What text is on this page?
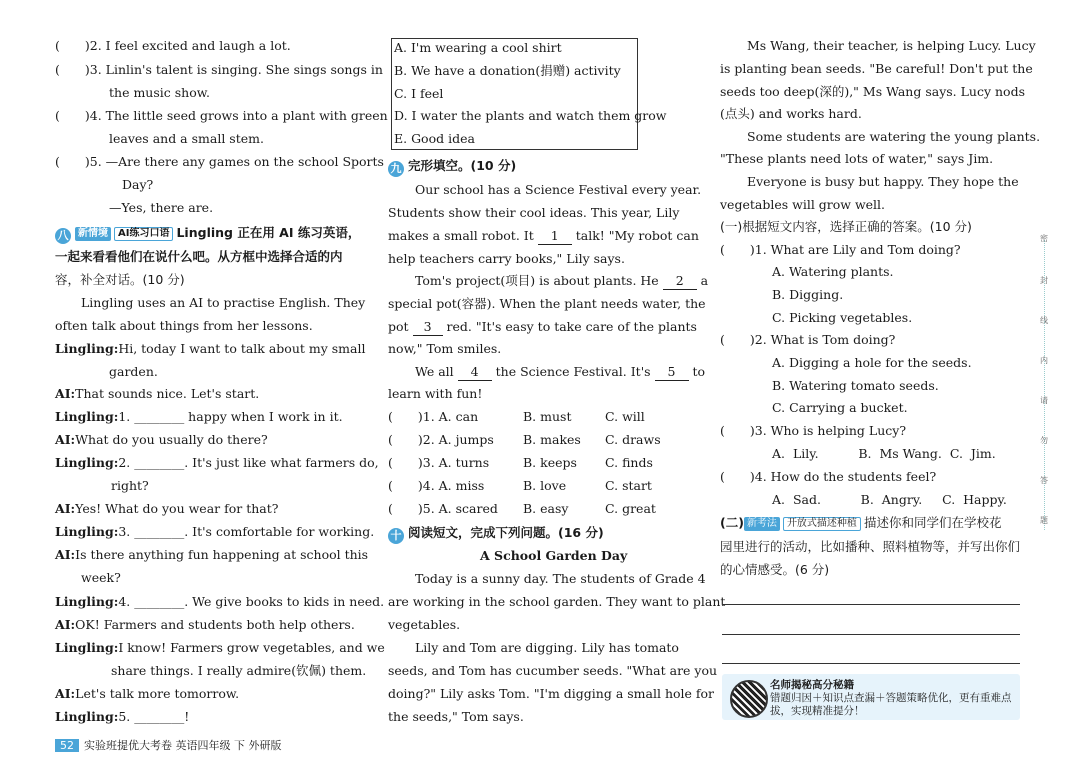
(　　)2. I feel excited and laugh a lot.
(　　)3. Linlin's talent is singing. She sings songs in
the music show.
(　　)4. The little seed grows into a plant with green
leaves and a small stem.
(　　)5. —Are there any games on the school Sports
Day?
—Yes, there are.
八 新情境 AI练习口语 Lingling 正在用 AI 练习英语，
一起来看看他们在说什么吧。从方框中选择合适的内
容，补全对话。(10 分)
Lingling uses an AI to practise English. They
often talk about things from her lessons.
Lingling:Hi, today I want to talk about my small
garden.
AI:That sounds nice. Let's start.
Lingling:1. ________ happy when I work in it.
AI:What do you usually do there?
Lingling:2. ________. It's just like what farmers do,
right?
AI:Yes! What do you wear for that?
Lingling:3. ________. It's comfortable for working.
AI:Is there anything fun happening at school this
week?
Lingling:4. ________. We give books to kids in need.
AI:OK! Farmers and students both help others.
Lingling:I know! Farmers grow vegetables, and we
share things. I really admire(钦佩) them.
AI:Let's talk more tomorrow.
Lingling:5. ________!
A. I'm wearing a cool shirt
B. We have a donation(捐赠) activity
C. I feel
D. I water the plants and watch them grow
E. Good idea
九 完形填空。(10 分)
Our school has a Science Festival every year.
Students show their cool ideas. This year, Lily
makes a small robot. It 1 talk! "My robot can
help teachers carry books," Lily says.
Tom's project(项目) is about plants. He 2 a
special pot(容器). When the plant needs water, the
pot 3 red. "It's easy to take care of the plants
now," Tom smiles.
We all 4 the Science Festival. It's 5 to
learn with fun!
(　　)1. A. can	B. must	C. will
(　　)2. A. jumps B. makes C. draws
(　　)3. A. turns	B. keeps C. finds
(　　)4. A. miss	B. love	C. start
(　　)5. A. scared B. easy	C. great
十 阅读短文，完成下列问题。(16 分)
A School Garden Day
Today is a sunny day. The students of Grade 4
are working in the school garden. They want to plant
vegetables.
Lily and Tom are digging. Lily has tomato
seeds, and Tom has cucumber seeds. "What are you
doing?" Lily asks Tom. "I'm digging a small hole for
the seeds," Tom says.
Ms Wang, their teacher, is helping Lucy. Lucy
is planting bean seeds. "Be careful! Don't put the
seeds too deep(深的)," Ms Wang says. Lucy nods
(点头) and works hard.
Some students are watering the young plants.
"These plants need lots of water," says Jim.
Everyone is busy but happy. They hope the
vegetables will grow well.
(一)根据短文内容，选择正确的答案。(10 分)
(　　)1. What are Lily and Tom doing?
A. Watering plants.
B. Digging.
C. Picking vegetables.
(　　)2. What is Tom doing?
A. Digging a hole for the seeds.
B. Watering tomato seeds.
C. Carrying a bucket.
(　　)3. Who is helping Lucy?
A.  Lily.          B.  Ms Wang.  C.  Jim.
(　　)4. How do the students feel?
A.  Sad.          B.  Angry.     C.  Happy.
(二) 新考法 开放式描述种植 描述你和同学们在学校花
园里进行的活动，比如播种、照料植物等，并写出你们
的心情感受。(6 分)
名师揭秘高分秘籍
错题归因＋知识点查漏＋答题策略优化，更有重难点拔，实现精准提分！
密
封
线
内
请
勿
答
题
52 实验班提优大考卷 英语四年级 下 外研版
